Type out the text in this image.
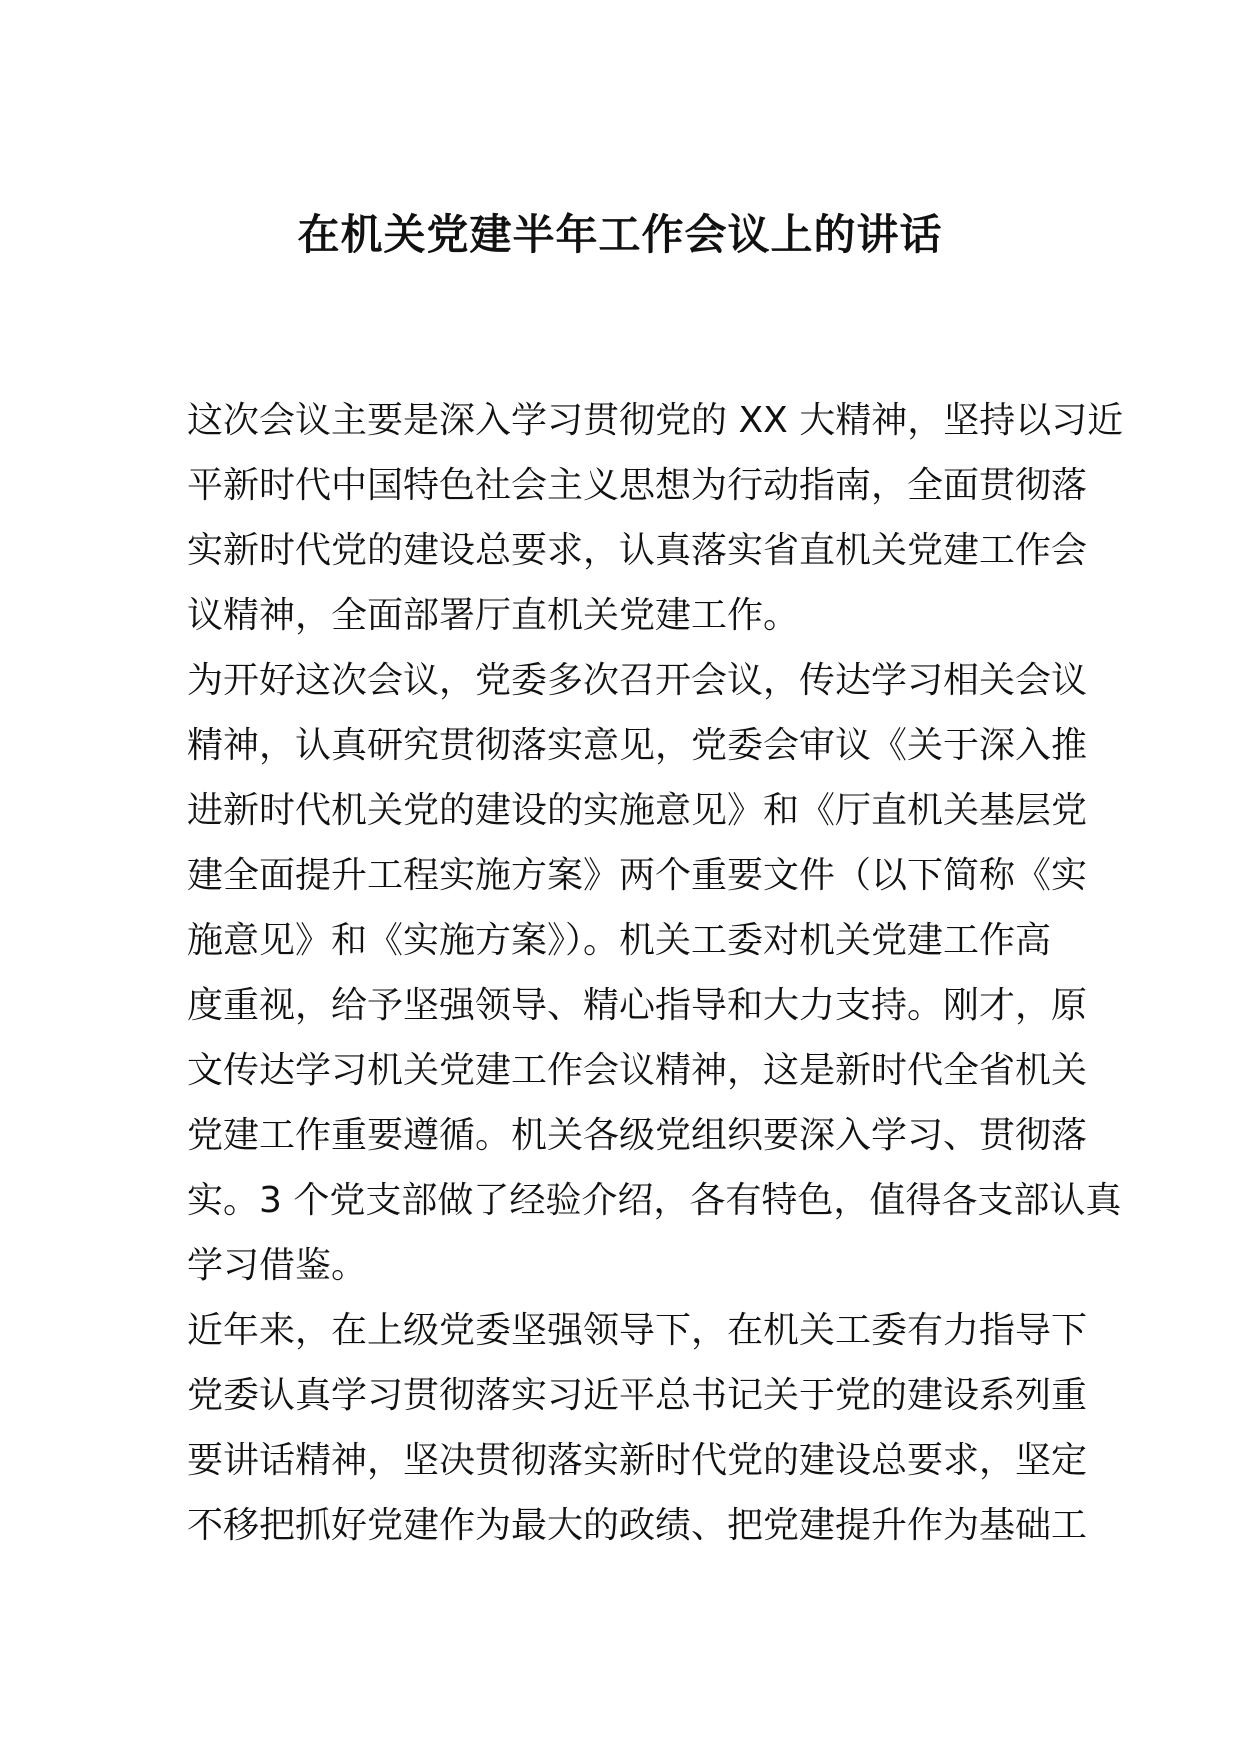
在机关党建半年工作会议上的讲话
这次会议主要是深入学习贯彻党的 XX 大精神，坚持以习近
平新时代中国特色社会主义思想为行动指南，全面贯彻落
实新时代党的建设总要求，认真落实省直机关党建工作会
议精神，全面部署厅直机关党建工作。
为开好这次会议，党委多次召开会议，传达学习相关会议
精神，认真研究贯彻落实意见，党委会审议《关于深入推
进新时代机关党的建设的实施意见》和《厅直机关基层党
建全面提升工程实施方案》两个重要文件（以下简称《实
施意见》和《实施方案》）。机关工委对机关党建工作高
度重视，给予坚强领导、精心指导和大力支持。刚才，原
文传达学习机关党建工作会议精神，这是新时代全省机关
党建工作重要遵循。机关各级党组织要深入学习、贯彻落
实。3 个党支部做了经验介绍，各有特色，值得各支部认真
学习借鉴。
近年来，在上级党委坚强领导下，在机关工委有力指导下
党委认真学习贯彻落实习近平总书记关于党的建设系列重
要讲话精神，坚决贯彻落实新时代党的建设总要求，坚定
不移把抓好党建作为最大的政绩、把党建提升作为基础工
